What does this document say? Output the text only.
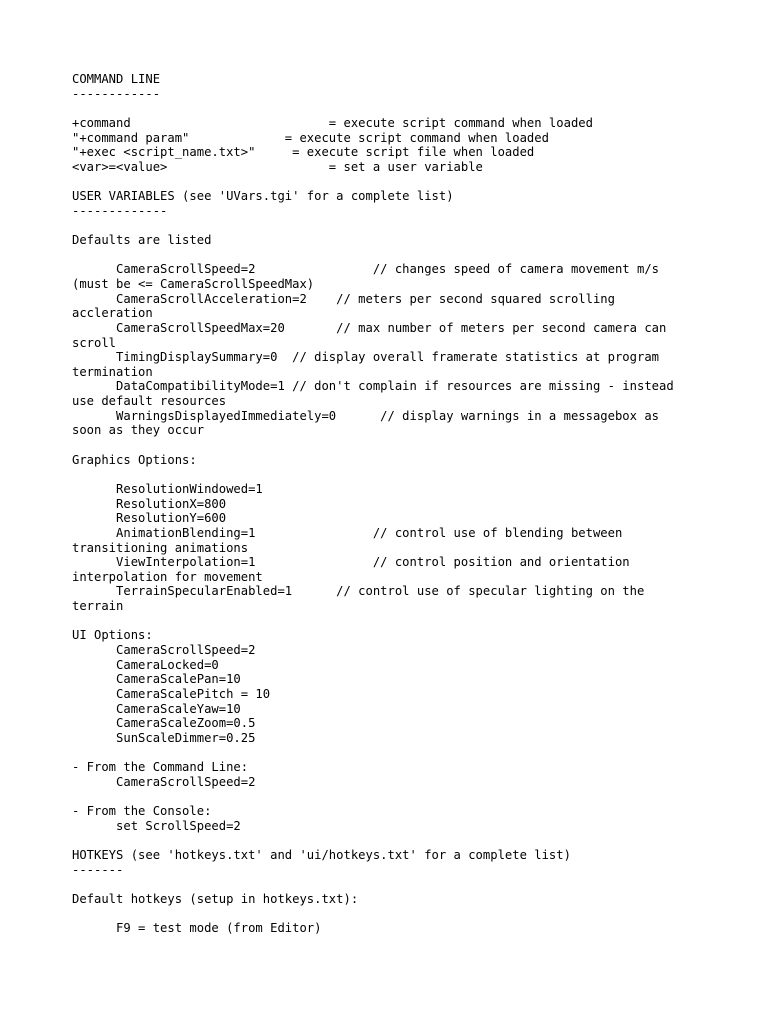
COMMAND LINE
------------
+command                           = execute script command when loaded
"+command param"             = execute script command when loaded
"+exec <script_name.txt>"     = execute script file when loaded
<var>=<value>                      = set a user variable
USER VARIABLES (see 'UVars.tgi' for a complete list)
-------------
Defaults are listed
CameraScrollSpeed=2                // changes speed of camera movement m/s
(must be <= CameraScrollSpeedMax)
CameraScrollAcceleration=2    // meters per second squared scrolling
accleration
CameraScrollSpeedMax=20       // max number of meters per second camera can
scroll
TimingDisplaySummary=0  // display overall framerate statistics at program
termination
DataCompatibilityMode=1 // don't complain if resources are missing - instead
use default resources
WarningsDisplayedImmediately=0      // display warnings in a messagebox as
soon as they occur
Graphics Options:
ResolutionWindowed=1
ResolutionX=800
ResolutionY=600
AnimationBlending=1                // control use of blending between
transitioning animations
ViewInterpolation=1                // control position and orientation
interpolation for movement
TerrainSpecularEnabled=1      // control use of specular lighting on the
terrain
UI Options:
CameraScrollSpeed=2
CameraLocked=0
CameraScalePan=10
CameraScalePitch = 10
CameraScaleYaw=10
CameraScaleZoom=0.5
SunScaleDimmer=0.25
- From the Command Line:
CameraScrollSpeed=2
- From the Console:
set ScrollSpeed=2
HOTKEYS (see 'hotkeys.txt' and 'ui/hotkeys.txt' for a complete list)
-------
Default hotkeys (setup in hotkeys.txt):
F9 = test mode (from Editor)
